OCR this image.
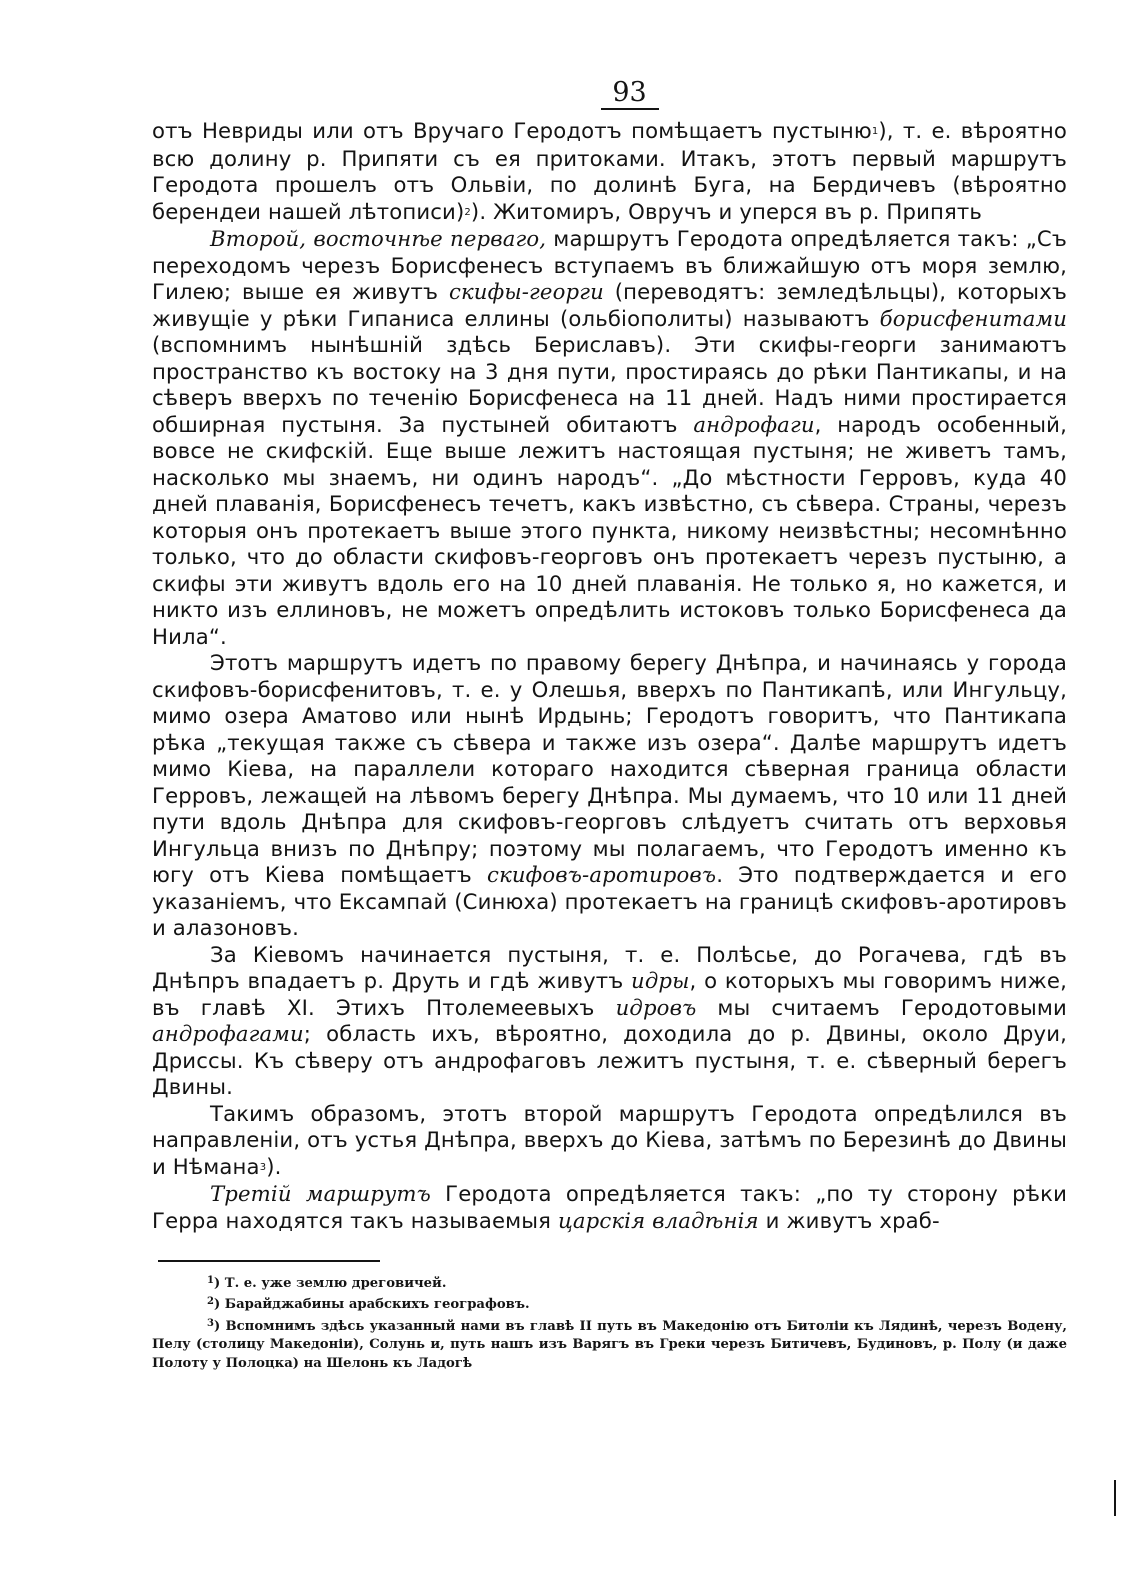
93

отъ Невриды или отъ Вручаго Геродотъ помѣщаетъ пустыню1), т. е. вѣроятно всю долину р. Припяти съ ея притоками. Итакъ, этотъ первый маршрутъ Геродота прошелъ отъ Ольвіи, по долинѣ Буга, на Бердичевъ (вѣроятно берендеи нашей лѣтописи)2). Житомиръ, Овручъ и уперся въ р. Припять

Второй, восточнѣе перваго, маршрутъ Геродота опредѣляется такъ: „Съ переходомъ черезъ Борисфенесъ вступаемъ въ ближайшую отъ моря землю, Гилею; выше ея живутъ скифы-георги (переводятъ: земледѣльцы), которыхъ живущіе у рѣки Гипаниса еллины (ольбіополиты) называютъ борисфенитами (вспомнимъ нынѣшній здѣсь Бериславъ). Эти скифы-георги занимаютъ пространство къ востоку на 3 дня пути, простираясь до рѣки Пантикапы, и на сѣверъ вверхъ по теченію Борисфенеса на 11 дней. Надъ ними простирается обширная пустыня. За пустыней обитаютъ андрофаги, народъ особенный, вовсе не скифскій. Еще выше лежитъ настоящая пустыня; не живетъ тамъ, насколько мы знаемъ, ни одинъ народъ“. „До мѣстности Герровъ, куда 40 дней плаванія, Борисфенесъ течетъ, какъ извѣстно, съ сѣвера. Страны, черезъ которыя онъ протекаетъ выше этого пункта, никому неизвѣстны; несомнѣнно только, что до области скифовъ-георговъ онъ протекаетъ черезъ пустыню, а скифы эти живутъ вдоль его на 10 дней плаванія. Не только я, но кажется, и никто изъ еллиновъ, не можетъ опредѣлить истоковъ только Борисфенеса да Нила“.

Этотъ маршрутъ идетъ по правому берегу Днѣпра, и начинаясь у города скифовъ-борисфенитовъ, т. е. у Олешья, вверхъ по Пантикапѣ, или Ингульцу, мимо озера Аматово или нынѣ Ирдынь; Геродотъ говоритъ, что Пантикапа рѣка „текущая также съ сѣвера и также изъ озера“. Далѣе маршрутъ идетъ мимо Кіева, на параллели котораго находится сѣверная граница области Герровъ, лежащей на лѣвомъ берегу Днѣпра. Мы думаемъ, что 10 или 11 дней пути вдоль Днѣпра для скифовъ-георговъ слѣдуетъ считать отъ верховья Ингульца внизъ по Днѣпру; поэтому мы полагаемъ, что Геродотъ именно къ югу отъ Кіева помѣщаетъ скифовъ-аротировъ. Это подтверждается и его указаніемъ, что Ексампай (Синюха) протекаетъ на границѣ скифовъ-аротировъ и алазоновъ.

За Кіевомъ начинается пустыня, т. е. Полѣсье, до Рогачева, гдѣ въ Днѣпръ впадаетъ р. Друть и гдѣ живутъ идры, о которыхъ мы говоримъ ниже, въ главѣ XI. Этихъ Птолемеевыхъ идровъ мы считаемъ Геродотовыми андрофагами; область ихъ, вѣроятно, доходила до р. Двины, около Друи, Дриссы. Къ сѣверу отъ андрофаговъ лежитъ пустыня, т. е. сѣверный берегъ Двины.

Такимъ образомъ, этотъ второй маршрутъ Геродота опредѣлился въ направленіи, отъ устья Днѣпра, вверхъ до Кіева, затѣмъ по Березинѣ до Двины и Нѣмана3).

Третій маршрутъ Геродота опредѣляется такъ: „по ту сторону рѣки Герра находятся такъ называемыя царскія владѣнія и живутъ храб-

$^1$) Т. е. уже землю дреговичей.

$^2$) Барайджабины арабскихъ географовъ.

$^3$) Вспомнимъ здѣсь указанный нами въ главѣ II путь въ Македонію отъ Битоліи къ Лядинѣ, черезъ Водену, Пелу (столицу Македоніи), Солунь и, путь нашъ изъ Варягъ въ Греки черезъ Битичевъ, Будиновъ, р. Полу (и даже Полоту у Полоцка) на Шелонь къ Ладогѣ
